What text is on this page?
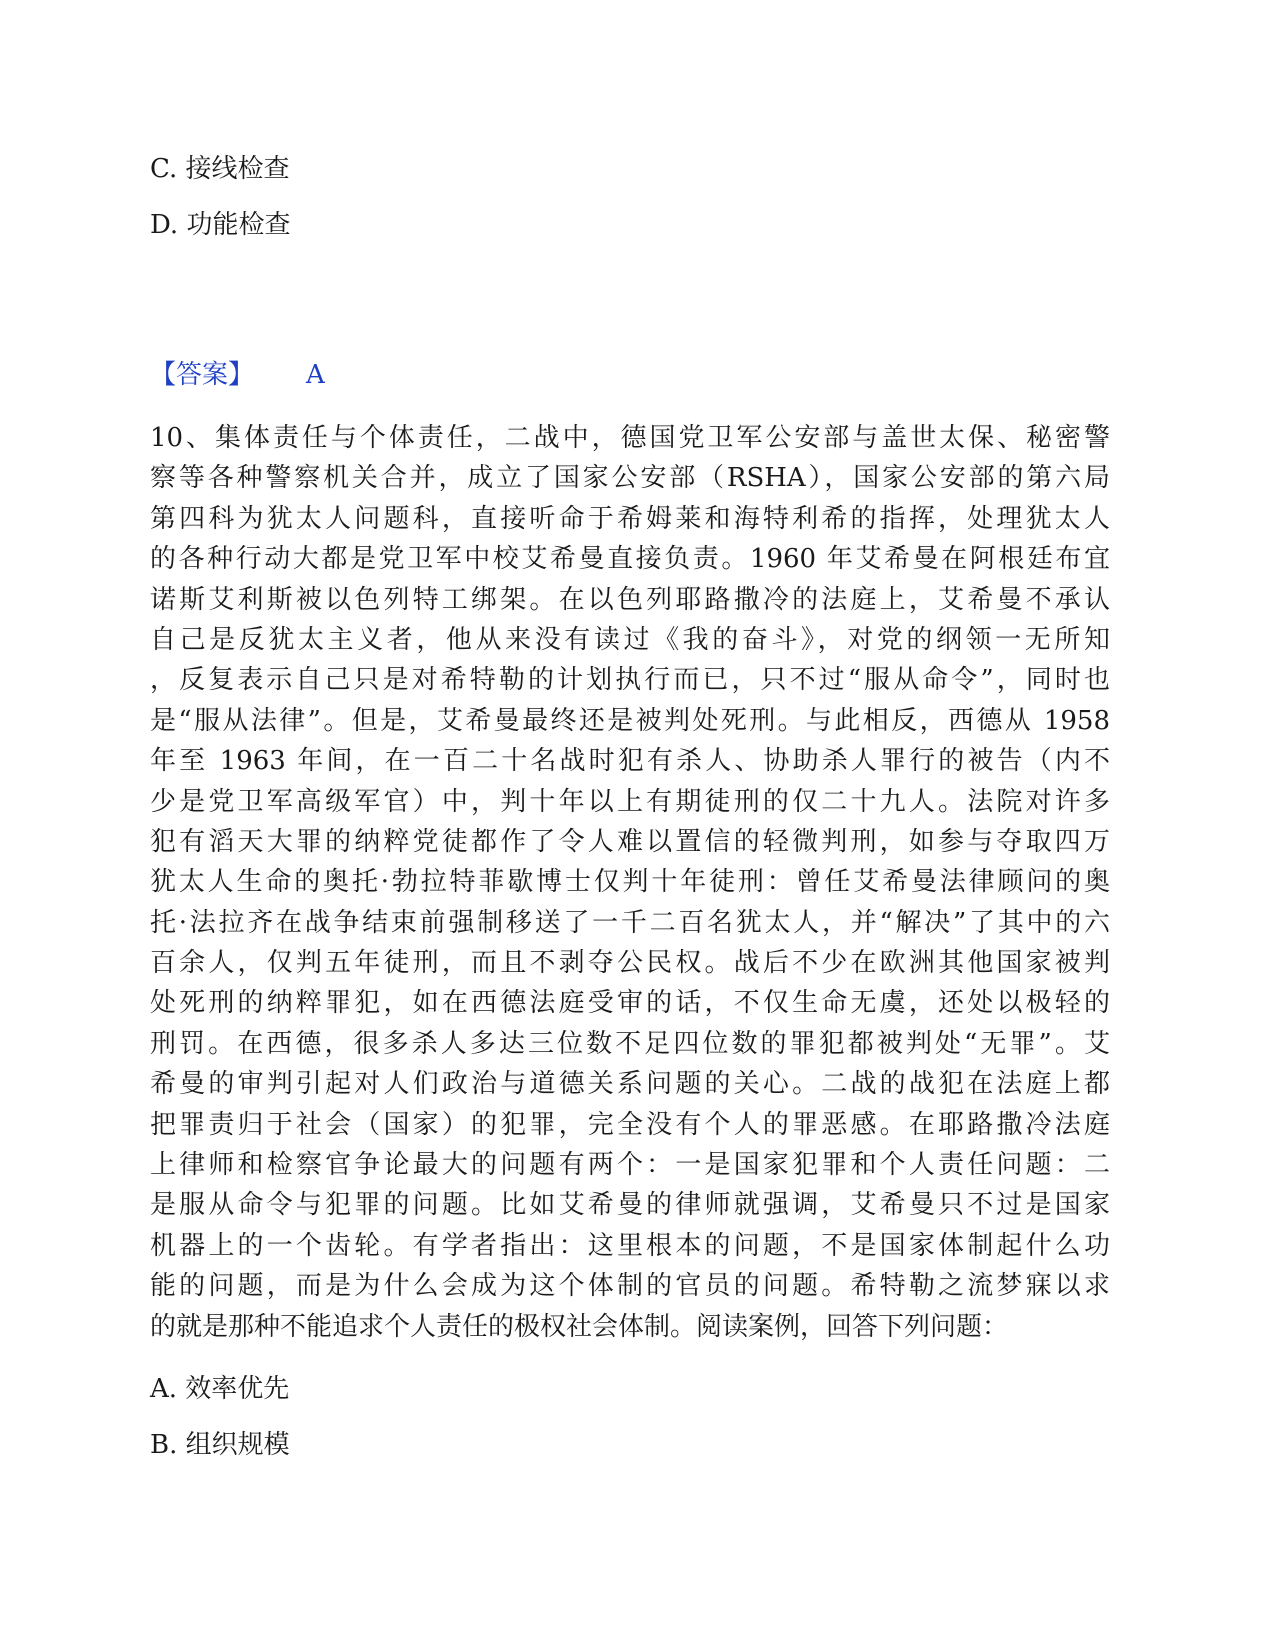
C. 接线检查

D. 功能检查

【答案】 A

10、集体责任与个体责任，二战中，德国党卫军公安部与盖世太保、秘密警
察等各种警察机关合并，成立了国家公安部（RSHA），国家公安部的第六局
第四科为犹太人问题科，直接听命于希姆莱和海特利希的指挥，处理犹太人
的各种行动大都是党卫军中校艾希曼直接负责。1960 年艾希曼在阿根廷布宜
诺斯艾利斯被以色列特工绑架。在以色列耶路撒冷的法庭上，艾希曼不承认
自己是反犹太主义者，他从来没有读过《我的奋斗》，对党的纲领一无所知
，反复表示自己只是对希特勒的计划执行而已，只不过“服从命令”，同时也
是“服从法律”。但是，艾希曼最终还是被判处死刑。与此相反，西德从 1958
年至 1963 年间，在一百二十名战时犯有杀人、协助杀人罪行的被告（内不
少是党卫军高级军官）中，判十年以上有期徒刑的仅二十九人。法院对许多
犯有滔天大罪的纳粹党徒都作了令人难以置信的轻微判刑，如参与夺取四万
犹太人生命的奥托·勃拉特菲歇博士仅判十年徒刑：曾任艾希曼法律顾问的奥
托·法拉齐在战争结束前强制移送了一千二百名犹太人，并“解决”了其中的六
百余人，仅判五年徒刑，而且不剥夺公民权。战后不少在欧洲其他国家被判
处死刑的纳粹罪犯，如在西德法庭受审的话，不仅生命无虞，还处以极轻的
刑罚。在西德，很多杀人多达三位数不足四位数的罪犯都被判处“无罪”。艾
希曼的审判引起对人们政治与道德关系问题的关心。二战的战犯在法庭上都
把罪责归于社会（国家）的犯罪，完全没有个人的罪恶感。在耶路撒冷法庭
上律师和检察官争论最大的问题有两个：一是国家犯罪和个人责任问题：二
是服从命令与犯罪的问题。比如艾希曼的律师就强调，艾希曼只不过是国家
机器上的一个齿轮。有学者指出：这里根本的问题，不是国家体制起什么功
能的问题，而是为什么会成为这个体制的官员的问题。希特勒之流梦寐以求
的就是那种不能追求个人责任的极权社会体制。阅读案例，回答下列问题：

A. 效率优先

B. 组织规模
